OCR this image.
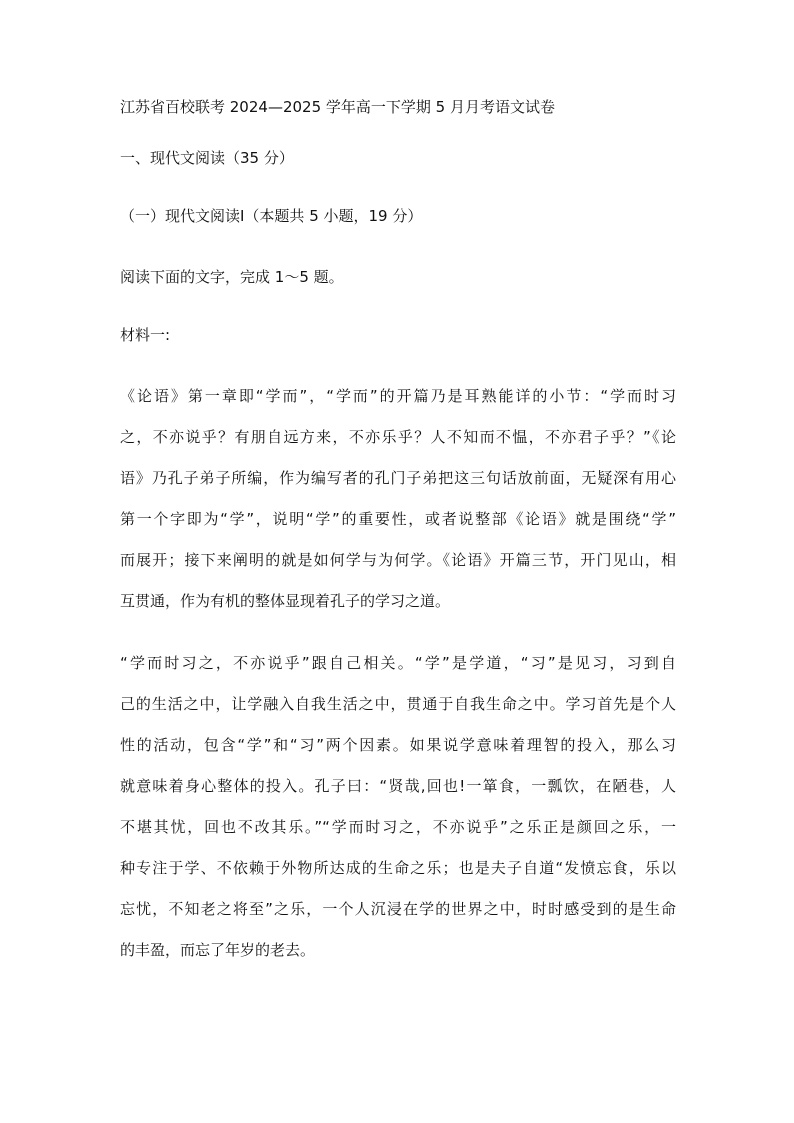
江苏省百校联考 2024—2025 学年高一下学期 5 月月考语文试卷
一、现代文阅读（35 分）
（一）现代文阅读Ⅰ（本题共 5 小题，19 分）
阅读下面的文字，完成 1～5 题。
材料一:
《论语》第一章即“学而”，“学而”的开篇乃是耳熟能详的小节：“学而时习
之，不亦说乎？有朋自远方来，不亦乐乎？人不知而不愠，不亦君子乎？”《论
语》乃孔子弟子所编，作为编写者的孔门子弟把这三句话放前面，无疑深有用心
第一个字即为“学”，说明“学”的重要性，或者说整部《论语》就是围绕“学”
而展开；接下来阐明的就是如何学与为何学。《论语》开篇三节，开门见山，相
互贯通，作为有机的整体显现着孔子的学习之道。
“学而时习之，不亦说乎”跟自己相关。“学”是学道，“习”是见习，习到自
己的生活之中，让学融入自我生活之中，贯通于自我生命之中。学习首先是个人
性的活动，包含“学”和“习”两个因素。如果说学意味着理智的投入，那么习
就意味着身心整体的投入。孔子曰：“贤哉,回也!一箪食，一瓢饮，在陋巷，人
不堪其忧，回也不改其乐。”“学而时习之，不亦说乎”之乐正是颜回之乐，一
种专注于学、不依赖于外物所达成的生命之乐；也是夫子自道“发愤忘食，乐以
忘忧，不知老之将至”之乐，一个人沉浸在学的世界之中，时时感受到的是生命
的丰盈，而忘了年岁的老去。
